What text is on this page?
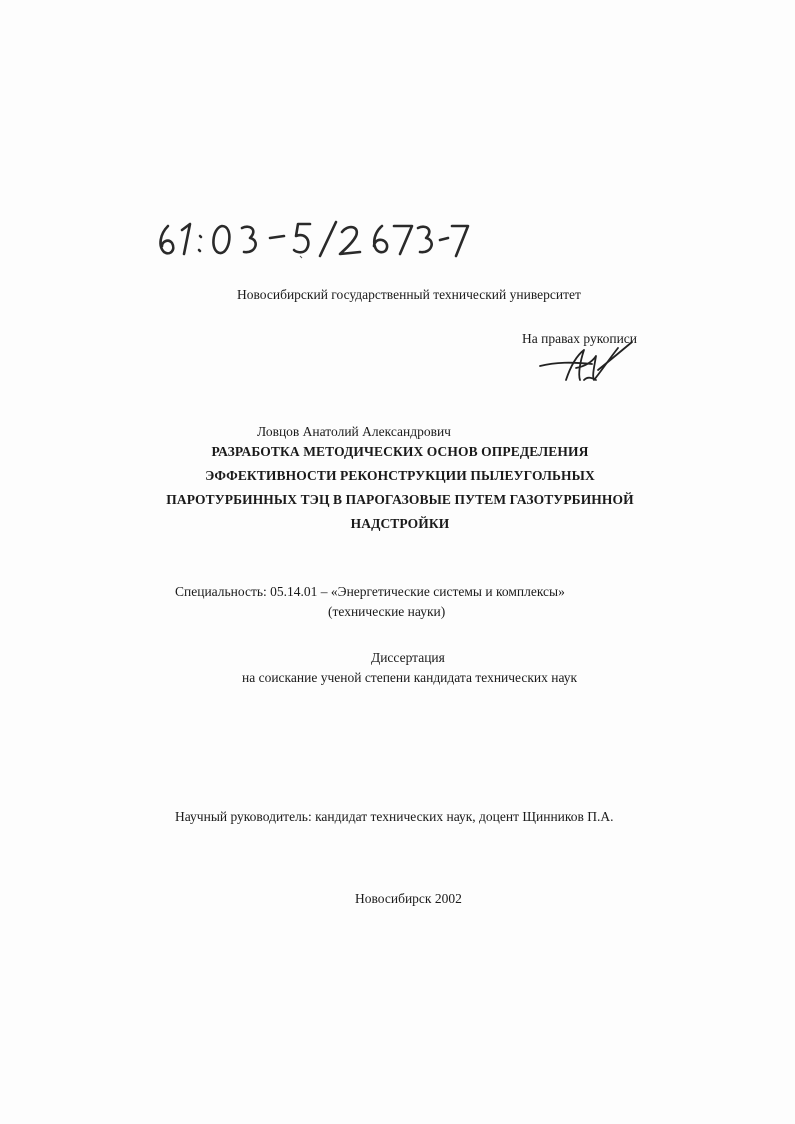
Новосибирский государственный технический университет
На правах рукописи
Ловцов Анатолий Александрович
РАЗРАБОТКА МЕТОДИЧЕСКИХ ОСНОВ ОПРЕДЕЛЕНИЯ
ЭФФЕКТИВНОСТИ РЕКОНСТРУКЦИИ ПЫЛЕУГОЛЬНЫХ
ПАРОТУРБИННЫХ ТЭЦ В ПАРОГАЗОВЫЕ ПУТЕМ ГАЗОТУРБИННОЙ
НАДСТРОЙКИ
Специальность: 05.14.01 – «Энергетические системы и комплексы»
(технические науки)
Диссертация
на соискание ученой степени кандидата технических наук
Научный руководитель: кандидат технических наук, доцент Щинников П.А.
Новосибирск 2002
